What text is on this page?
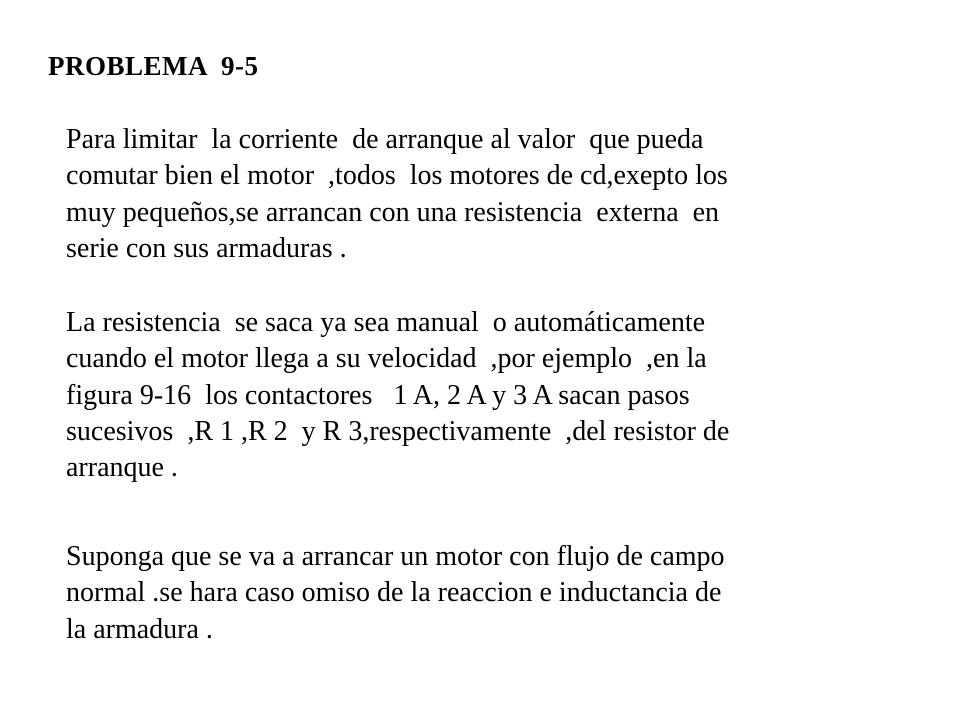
PROBLEMA  9-5
Para limitar  la corriente  de arranque al valor  que pueda
comutar bien el motor  ,todos  los motores de cd,exepto los
muy pequeños,se arrancan con una resistencia  externa  en
serie con sus armaduras .
La resistencia  se saca ya sea manual  o automáticamente
cuando el motor llega a su velocidad  ,por ejemplo  ,en la
figura 9-16  los contactores   1 A, 2 A y 3 A sacan pasos
sucesivos  ,R 1 ,R 2  y R 3,respectivamente  ,del resistor de
arranque .
Suponga que se va a arrancar un motor con flujo de campo
normal .se hara caso omiso de la reaccion e inductancia de
la armadura .
